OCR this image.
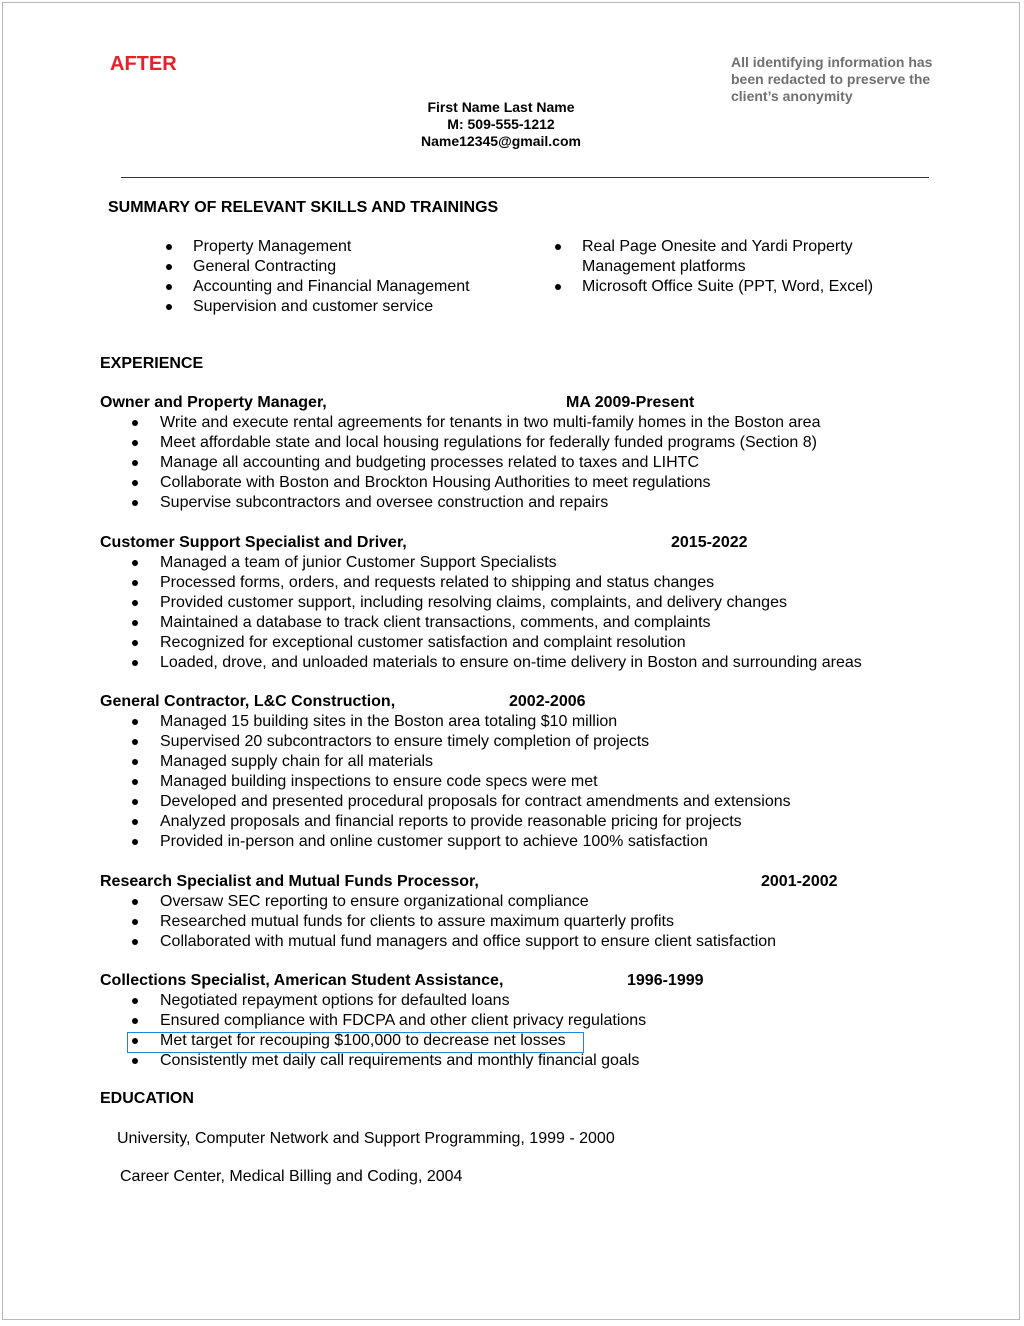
AFTER	All identifying information has
been redacted to preserve the
client’s anonymity
First Name Last Name
M: 509-555-1212
Name12345@gmail.com
SUMMARY OF RELEVANT SKILLS AND TRAININGS
Property Management
General Contracting
Accounting and Financial Management
Supervision and customer service
Real Page Onesite and Yardi Property Management platforms
Microsoft Office Suite (PPT, Word, Excel)
EXPERIENCE
Owner and Property Manager,	MA 2009-Present
Write and execute rental agreements for tenants in two multi-family homes in the Boston area
Meet affordable state and local housing regulations for federally funded programs (Section 8)
Manage all accounting and budgeting processes related to taxes and LIHTC
Collaborate with Boston and Brockton Housing Authorities to meet regulations
Supervise subcontractors and oversee construction and repairs
Customer Support Specialist and Driver,	2015-2022
Managed a team of junior Customer Support Specialists
Processed forms, orders, and requests related to shipping and status changes
Provided customer support, including resolving claims, complaints, and delivery changes
Maintained a database to track client transactions, comments, and complaints
Recognized for exceptional customer satisfaction and complaint resolution
Loaded, drove, and unloaded materials to ensure on-time delivery in Boston and surrounding areas
General Contractor, L&C Construction,	2002-2006
Managed 15 building sites in the Boston area totaling $10 million
Supervised 20 subcontractors to ensure timely completion of projects
Managed supply chain for all materials
Managed building inspections to ensure code specs were met
Developed and presented procedural proposals for contract amendments and extensions
Analyzed proposals and financial reports to provide reasonable pricing for projects
Provided in-person and online customer support to achieve 100% satisfaction
Research Specialist and Mutual Funds Processor,	2001-2002
Oversaw SEC reporting to ensure organizational compliance
Researched mutual funds for clients to assure maximum quarterly profits
Collaborated with mutual fund managers and office support to ensure client satisfaction
Collections Specialist, American Student Assistance,	1996-1999
Negotiated repayment options for defaulted loans
Ensured compliance with FDCPA and other client privacy regulations
Met target for recouping $100,000 to decrease net losses
Consistently met daily call requirements and monthly financial goals
EDUCATION
University, Computer Network and Support Programming, 1999 - 2000
Career Center, Medical Billing and Coding, 2004
